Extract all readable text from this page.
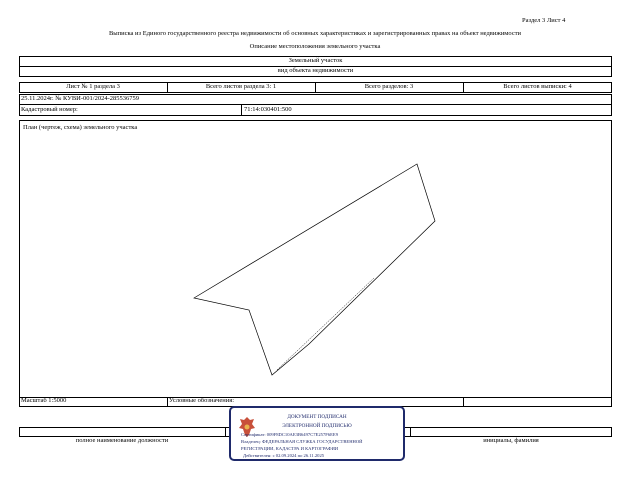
Раздел 3 Лист 4
Выписка из Единого государственного реестра недвижимости об основных характеристиках и зарегистрированных правах на объект недвижимости
Описание местоположения земельного участка
Земельный участок
вид объекта недвижимости
Лист № 1 раздела 3	Всего листов раздела 3: 1	Всего разделов: 3	Всего листов выписки: 4
25.11.2024г. № КУВИ-001/2024-285536759
Кадастровый номер:	71:14:030401:500
План (чертеж, схема) земельного участка
Масштаб 1:5000	Условные обозначения:
полное наименование должности	инициалы, фамилия
ДОКУМЕНТ ПОДПИСАН
ЭЛЕКТРОННОЙ ПОДПИСЬЮ
Сертификат: 009F8DC10AE3B6497C7E257F6EE9
Владелец: ФЕДЕРАЛЬНАЯ СЛУЖБА ГОСУДАРСТВЕННОЙ
РЕГИСТРАЦИИ, КАДАСТРА И КАРТОГРАФИИ
Действителен: с 02.09.2024 по 26.11.2025
